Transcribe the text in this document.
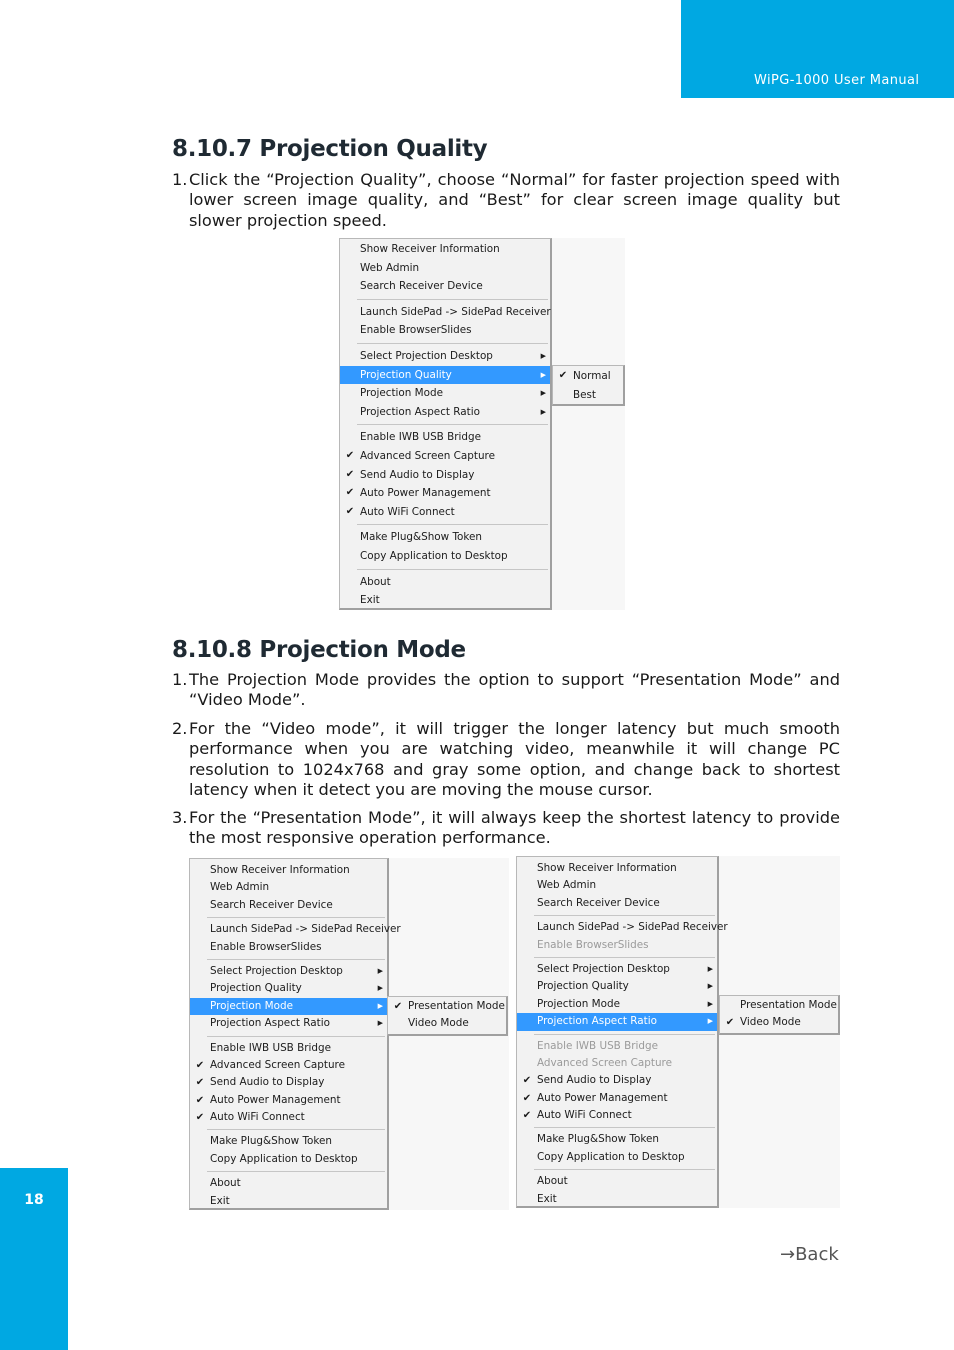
WiPG-1000 User Manual
8.10.7 Projection Quality
1. Click the “Projection Quality”, choose “Normal” for faster projection speed with lower screen image quality, and “Best” for clear screen image quality but slower projection speed.
Show Receiver Information
Web Admin
Search Receiver Device
Launch SidePad -> SidePad Receiver
Enable BrowserSlides
Select Projection Desktop	▶
Projection Quality	▶
Projection Mode	▶
Projection Aspect Ratio	▶
Enable IWB USB Bridge
✔ Advanced Screen Capture
✔ Send Audio to Display
✔ Auto Power Management
✔ Auto WiFi Connect
Make Plug&Show Token
Copy Application to Desktop
About
Exit
✔ Normal
Best
8.10.8 Projection Mode
1. The Projection Mode provides the option to support “Presentation Mode” and “Video Mode”.
2. For the “Video mode”, it will trigger the longer latency but much smooth performance when you are watching video, meanwhile it will change PC resolution to 1024x768 and gray some option, and change back to shortest latency when it detect you are moving the mouse cursor.
3. For the “Presentation Mode”, it will always keep the shortest latency to provide the most responsive operation performance.
Show Receiver Information
Web Admin
Search Receiver Device
Launch SidePad -> SidePad Receiver
Enable BrowserSlides
Select Projection Desktop	▶
Projection Quality	▶
Projection Mode	▶
Projection Aspect Ratio	▶
Enable IWB USB Bridge
✔ Advanced Screen Capture
✔ Send Audio to Display
✔ Auto Power Management
✔ Auto WiFi Connect
Make Plug&Show Token
Copy Application to Desktop
About
Exit
✔ Presentation Mode
Video Mode
Show Receiver Information
Web Admin
Search Receiver Device
Launch SidePad -> SidePad Receiver
Enable BrowserSlides
Select Projection Desktop	▶
Projection Quality	▶
Projection Mode	▶
Projection Aspect Ratio	▶
Enable IWB USB Bridge
Advanced Screen Capture
✔ Send Audio to Display
✔ Auto Power Management
✔ Auto WiFi Connect
Make Plug&Show Token
Copy Application to Desktop
About
Exit
Presentation Mode
✔ Video Mode
→Back
18
